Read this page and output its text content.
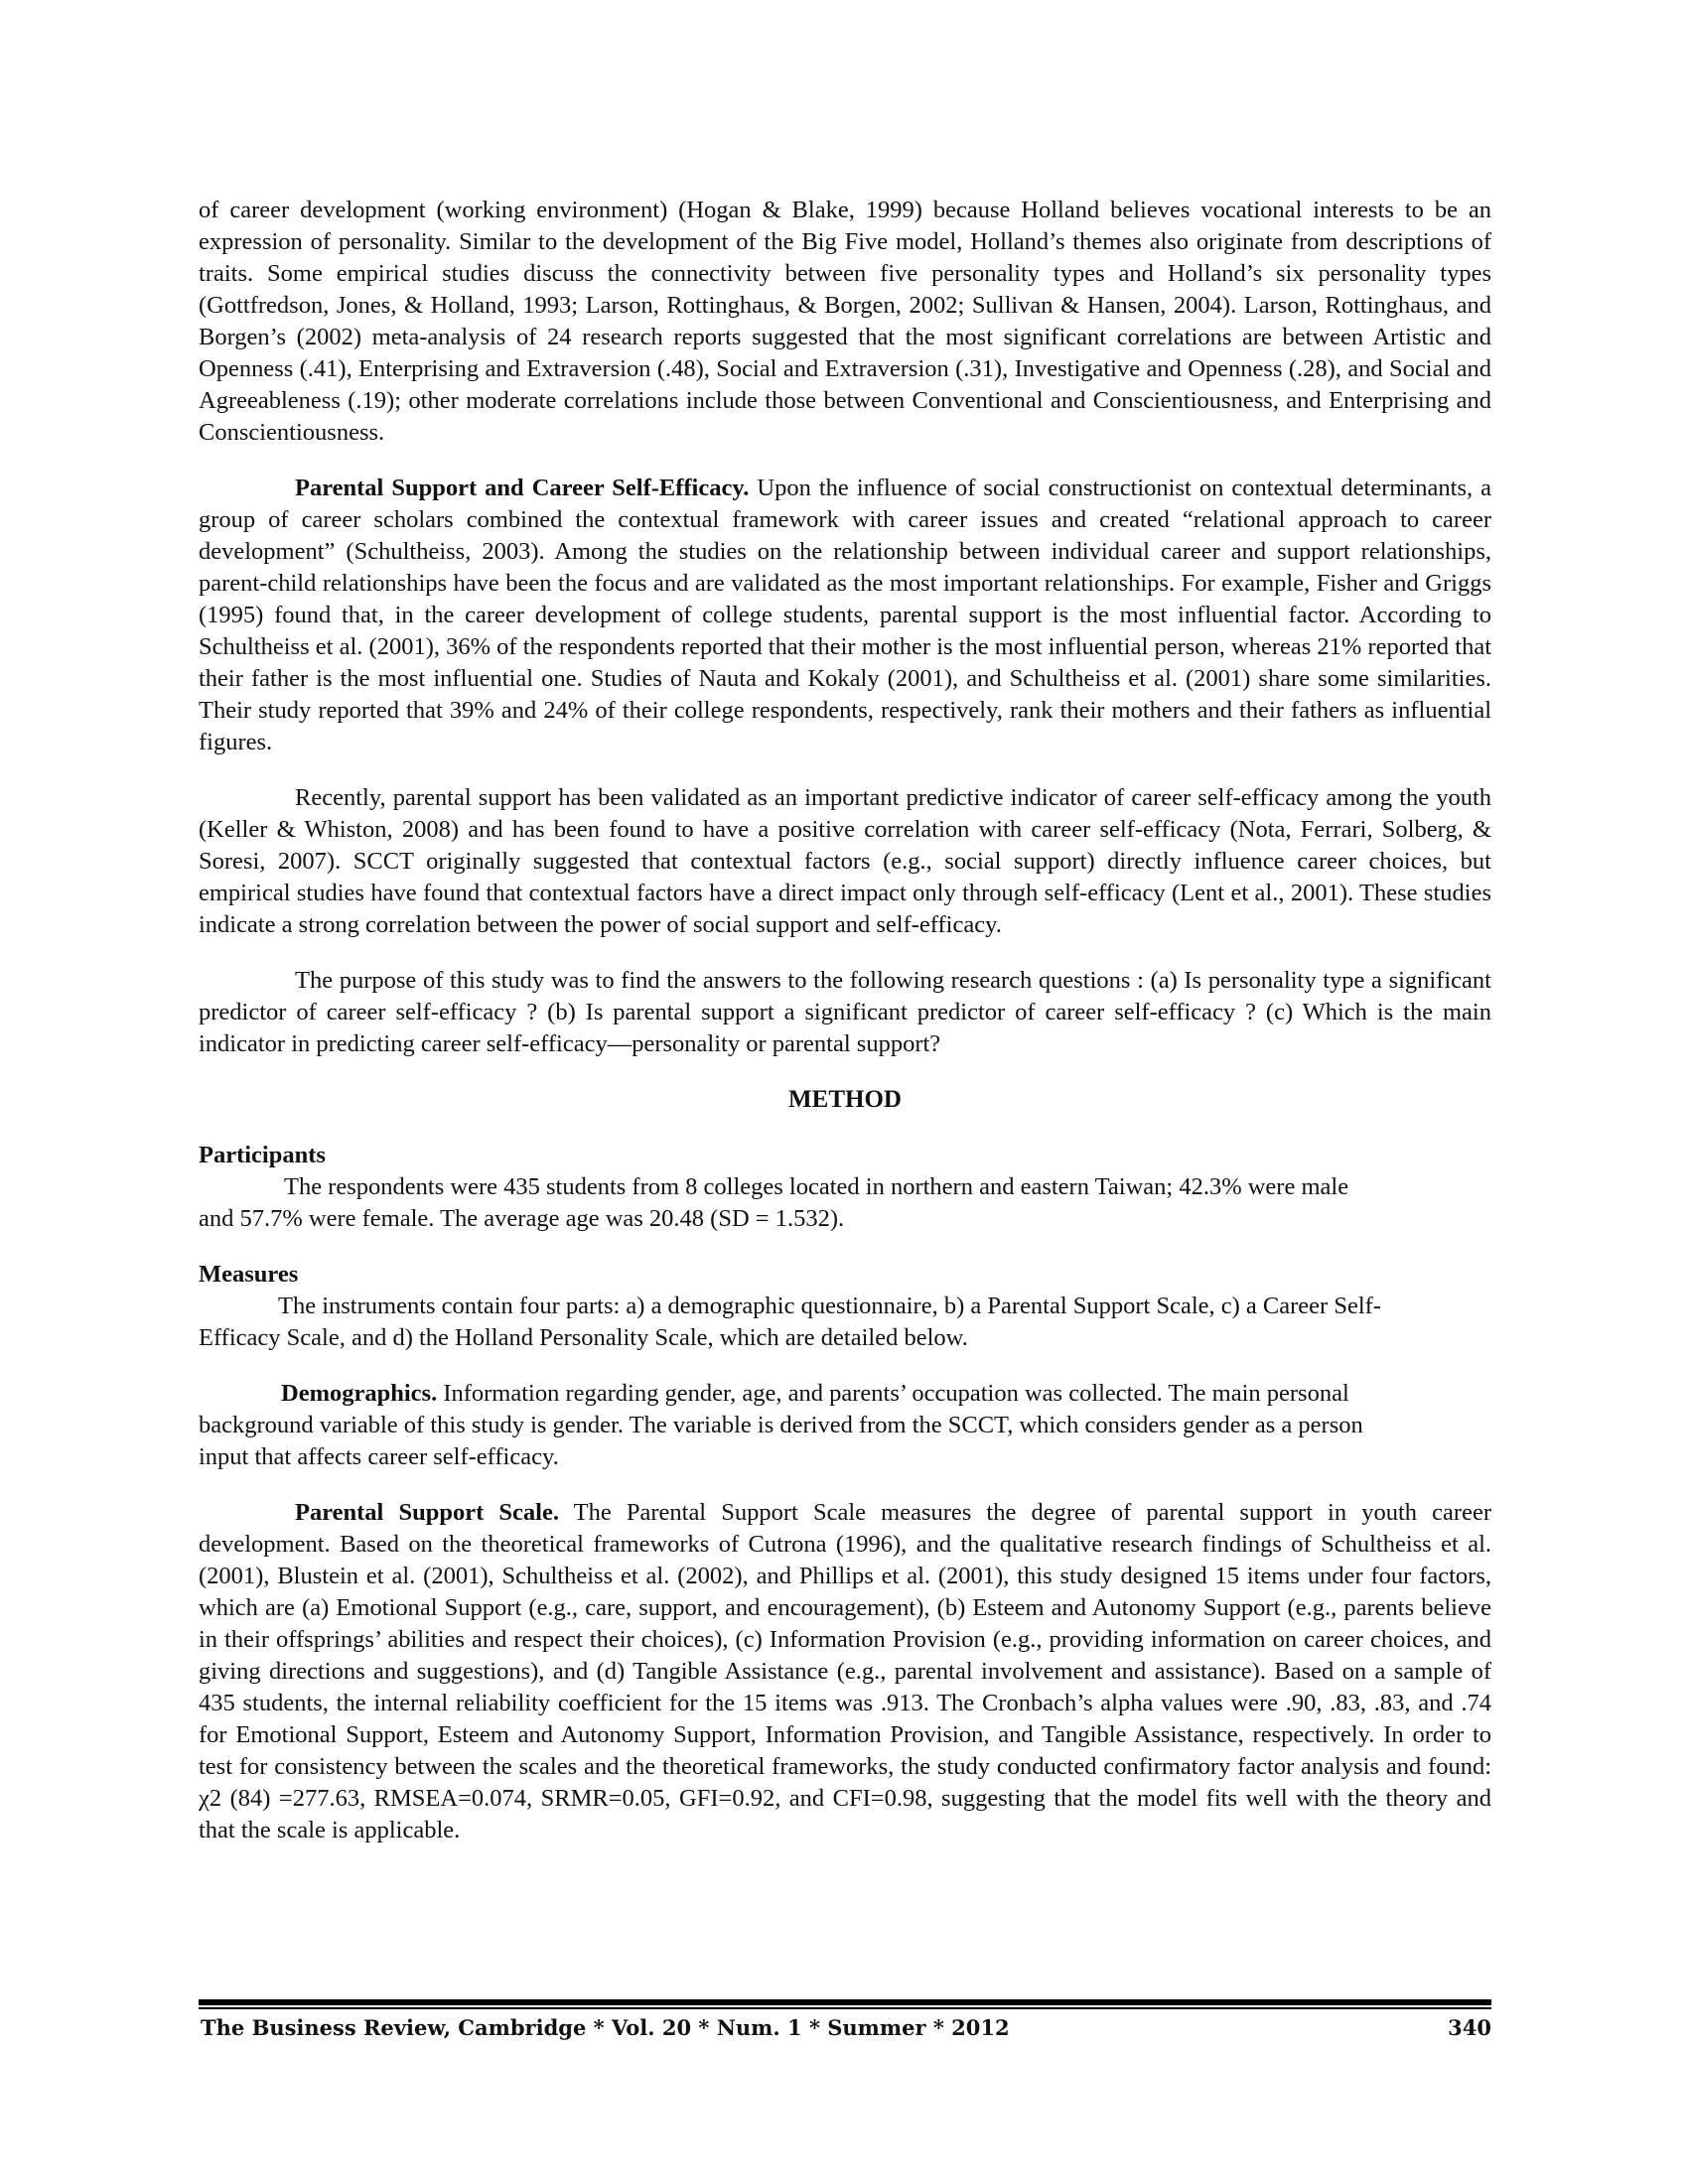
of career development (working environment) (Hogan & Blake, 1999) because Holland believes vocational interests to be an expression of personality. Similar to the development of the Big Five model, Holland’s themes also originate from descriptions of traits. Some empirical studies discuss the connectivity between five personality types and Holland’s six personality types (Gottfredson, Jones, & Holland, 1993; Larson, Rottinghaus, & Borgen, 2002; Sullivan & Hansen, 2004). Larson, Rottinghaus, and Borgen’s (2002) meta-analysis of 24 research reports suggested that the most significant correlations are between Artistic and Openness (.41), Enterprising and Extraversion (.48), Social and Extraversion (.31), Investigative and Openness (.28), and Social and Agreeableness (.19); other moderate correlations include those between Conventional and Conscientiousness, and Enterprising and Conscientiousness.

Parental Support and Career Self-Efficacy. Upon the influence of social constructionist on contextual determinants, a group of career scholars combined the contextual framework with career issues and created “relational approach to career development” (Schultheiss, 2003). Among the studies on the relationship between individual career and support relationships, parent-child relationships have been the focus and are validated as the most important relationships. For example, Fisher and Griggs (1995) found that, in the career development of college students, parental support is the most influential factor. According to Schultheiss et al. (2001), 36% of the respondents reported that their mother is the most influential person, whereas 21% reported that their father is the most influential one. Studies of Nauta and Kokaly (2001), and Schultheiss et al. (2001) share some similarities. Their study reported that 39% and 24% of their college respondents, respectively, rank their mothers and their fathers as influential figures.

Recently, parental support has been validated as an important predictive indicator of career self-efficacy among the youth (Keller & Whiston, 2008) and has been found to have a positive correlation with career self-efficacy (Nota, Ferrari, Solberg, & Soresi, 2007). SCCT originally suggested that contextual factors (e.g., social support) directly influence career choices, but empirical studies have found that contextual factors have a direct impact only through self-efficacy (Lent et al., 2001). These studies indicate a strong correlation between the power of social support and self-efficacy.

The purpose of this study was to find the answers to the following research questions : (a) Is personality type a significant predictor of career self-efficacy ? (b) Is parental support a significant predictor of career self-efficacy ? (c) Which is the main indicator in predicting career self-efficacy—personality or parental support?

METHOD
Participants

The respondents were 435 students from 8 colleges located in northern and eastern Taiwan; 42.3% were male and 57.7% were female. The average age was 20.48 (SD = 1.532).

Measures

The instruments contain four parts: a) a demographic questionnaire, b) a Parental Support Scale, c) a Career Self-Efficacy Scale, and d) the Holland Personality Scale, which are detailed below.

Demographics. Information regarding gender, age, and parents’ occupation was collected. The main personal background variable of this study is gender. The variable is derived from the SCCT, which considers gender as a person input that affects career self-efficacy.

Parental Support Scale. The Parental Support Scale measures the degree of parental support in youth career development. Based on the theoretical frameworks of Cutrona (1996), and the qualitative research findings of Schultheiss et al. (2001), Blustein et al. (2001), Schultheiss et al. (2002), and Phillips et al. (2001), this study designed 15 items under four factors, which are (a) Emotional Support (e.g., care, support, and encouragement), (b) Esteem and Autonomy Support (e.g., parents believe in their offsprings’ abilities and respect their choices), (c) Information Provision (e.g., providing information on career choices, and giving directions and suggestions), and (d) Tangible Assistance (e.g., parental involvement and assistance). Based on a sample of 435 students, the internal reliability coefficient for the 15 items was .913. The Cronbach’s alpha values were .90, .83, .83, and .74 for Emotional Support, Esteem and Autonomy Support, Information Provision, and Tangible Assistance, respectively. In order to test for consistency between the scales and the theoretical frameworks, the study conducted confirmatory factor analysis and found: χ2 (84) =277.63, RMSEA=0.074, SRMR=0.05, GFI=0.92, and CFI=0.98, suggesting that the model fits well with the theory and that the scale is applicable.

The Business Review, Cambridge * Vol. 20 * Num. 1 * Summer * 2012	340
